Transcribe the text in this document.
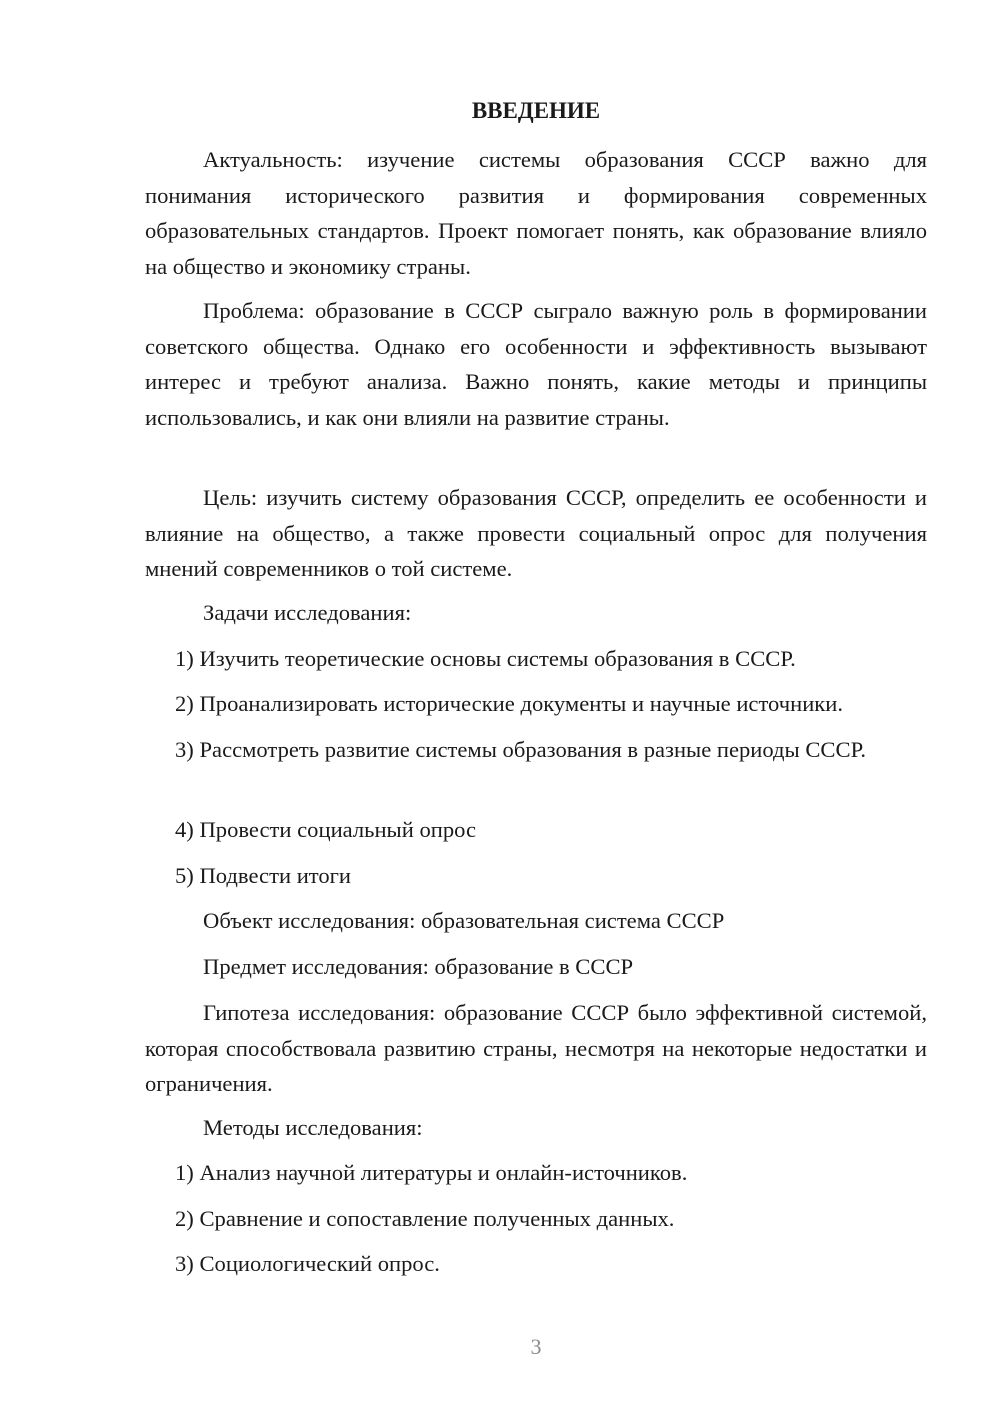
ВВЕДЕНИЕ

Актуальность: изучение системы образования СССР важно для понимания исторического развития и формирования современных образовательных стандартов. Проект помогает понять, как образование влияло на общество и экономику страны.

Проблема: образование в СССР сыграло важную роль в формировании советского общества. Однако его особенности и эффективность вызывают интерес и требуют анализа. Важно понять, какие методы и принципы использовались, и как они влияли на развитие страны.

Цель: изучить систему образования СССР, определить ее особенности и влияние на общество, а также провести социальный опрос для получения мнений современников о той системе.

Задачи исследования:

1) Изучить теоретические основы системы образования в СССР.

2) Проанализировать исторические документы и научные источники.

3) Рассмотреть развитие системы образования в разные периоды СССР.

4) Провести социальный опрос

5) Подвести итоги

Объект исследования: образовательная система СССР

Предмет исследования: образование в СССР

Гипотеза исследования: образование СССР было эффективной системой, которая способствовала развитию страны, несмотря на некоторые недостатки и ограничения.

Методы исследования:

1) Анализ научной литературы и онлайн-источников.

2) Сравнение и сопоставление полученных данных.

3) Социологический опрос.

3
